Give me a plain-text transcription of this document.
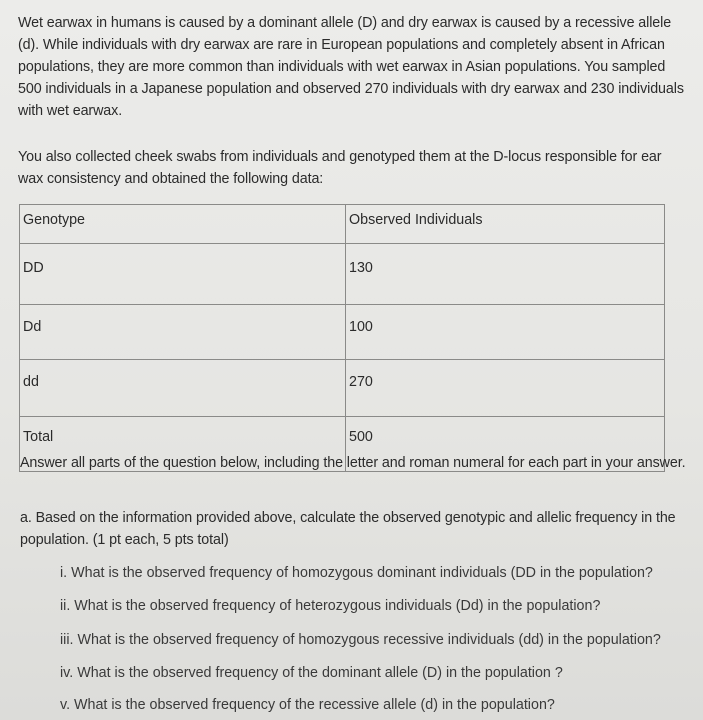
Wet earwax in humans is caused by a dominant allele (D) and dry earwax is caused by a recessive allele (d). While individuals with dry earwax are rare in European populations and completely absent in African populations, they are more common than individuals with wet earwax in Asian populations. You sampled 500 individuals in a Japanese population and observed 270 individuals with dry earwax and 230 individuals with wet earwax.
You also collected cheek swabs from individuals and genotyped them at the D-locus responsible for ear wax consistency and obtained the following data:
Genotype	Observed Individuals
DD	130
Dd	100
dd	270
Total	500
Answer all parts of the question below, including the letter and roman numeral for each part in your answer.
a. Based on the information provided above, calculate the observed genotypic and allelic frequency in the population. (1 pt each, 5 pts total)
i. What is the observed frequency of homozygous dominant individuals (DD in the population?
ii. What is the observed frequency of heterozygous individuals (Dd) in the population?
iii. What is the observed frequency of homozygous recessive individuals (dd) in the population?
iv. What is the observed frequency of the dominant allele (D) in the population ?
v. What is the observed frequency of the recessive allele (d) in the population?
